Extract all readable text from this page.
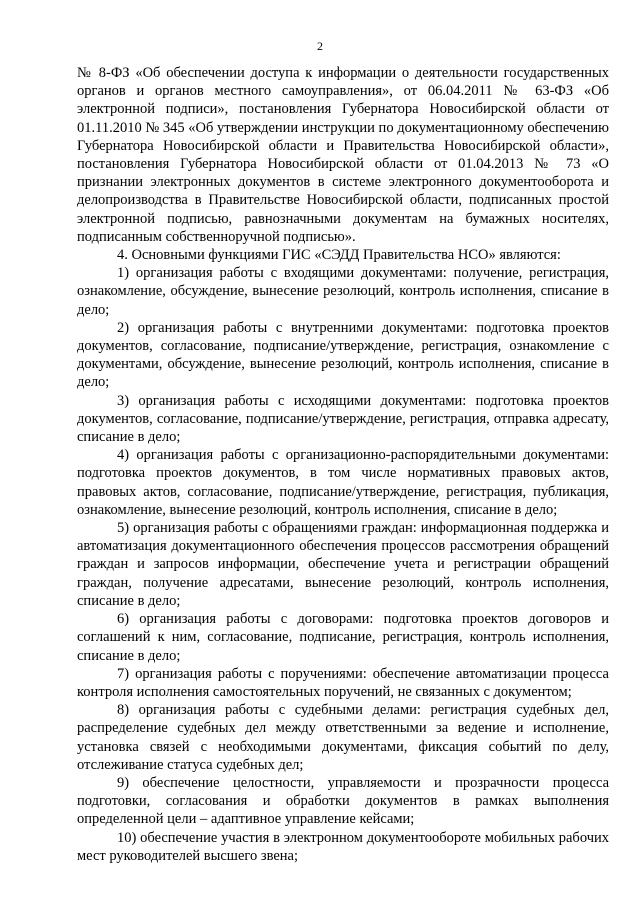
2

№ 8-ФЗ «Об обеспечении доступа к информации о деятельности государственных органов и органов местного самоуправления», от 06.04.2011 № 63-ФЗ «Об электронной подписи», постановления Губернатора Новосибирской области от 01.11.2010 № 345 «Об утверждении инструкции по документационному обеспечению Губернатора Новосибирской области и Правительства Новосибирской области», постановления Губернатора Новосибирской области от 01.04.2013 № 73 «О признании электронных документов в системе электронного документооборота и делопроизводства в Правительстве Новосибирской области, подписанных простой электронной подписью, равнозначными документам на бумажных носителях, подписанным собственноручной подписью».

4. Основными функциями ГИС «СЭДД Правительства НСО» являются:

1) организация работы с входящими документами: получение, регистрация, ознакомление, обсуждение, вынесение резолюций, контроль исполнения, списание в дело;

2) организация работы с внутренними документами: подготовка проектов документов, согласование, подписание/утверждение, регистрация, ознакомление с документами, обсуждение, вынесение резолюций, контроль исполнения, списание в дело;

3) организация работы с исходящими документами: подготовка проектов документов, согласование, подписание/утверждение, регистрация, отправка адресату, списание в дело;

4) организация работы с организационно-распорядительными документами: подготовка проектов документов, в том числе нормативных правовых актов, правовых актов, согласование, подписание/утверждение, регистрация, публикация, ознакомление, вынесение резолюций, контроль исполнения, списание в дело;

5) организация работы с обращениями граждан: информационная поддержка и автоматизация документационного обеспечения процессов рассмотрения обращений граждан и запросов информации, обеспечение учета и регистрации обращений граждан, получение адресатами, вынесение резолюций, контроль исполнения, списание в дело;

6) организация работы с договорами: подготовка проектов договоров и соглашений к ним, согласование, подписание, регистрация, контроль исполнения, списание в дело;

7) организация работы с поручениями: обеспечение автоматизации процесса контроля исполнения самостоятельных поручений, не связанных с документом;

8) организация работы с судебными делами: регистрация судебных дел, распределение судебных дел между ответственными за ведение и исполнение, установка связей с необходимыми документами, фиксация событий по делу, отслеживание статуса судебных дел;

9) обеспечение целостности, управляемости и прозрачности процесса подготовки, согласования и обработки документов в рамках выполнения определенной цели – адаптивное управление кейсами;

10) обеспечение участия в электронном документообороте мобильных рабочих мест руководителей высшего звена;
